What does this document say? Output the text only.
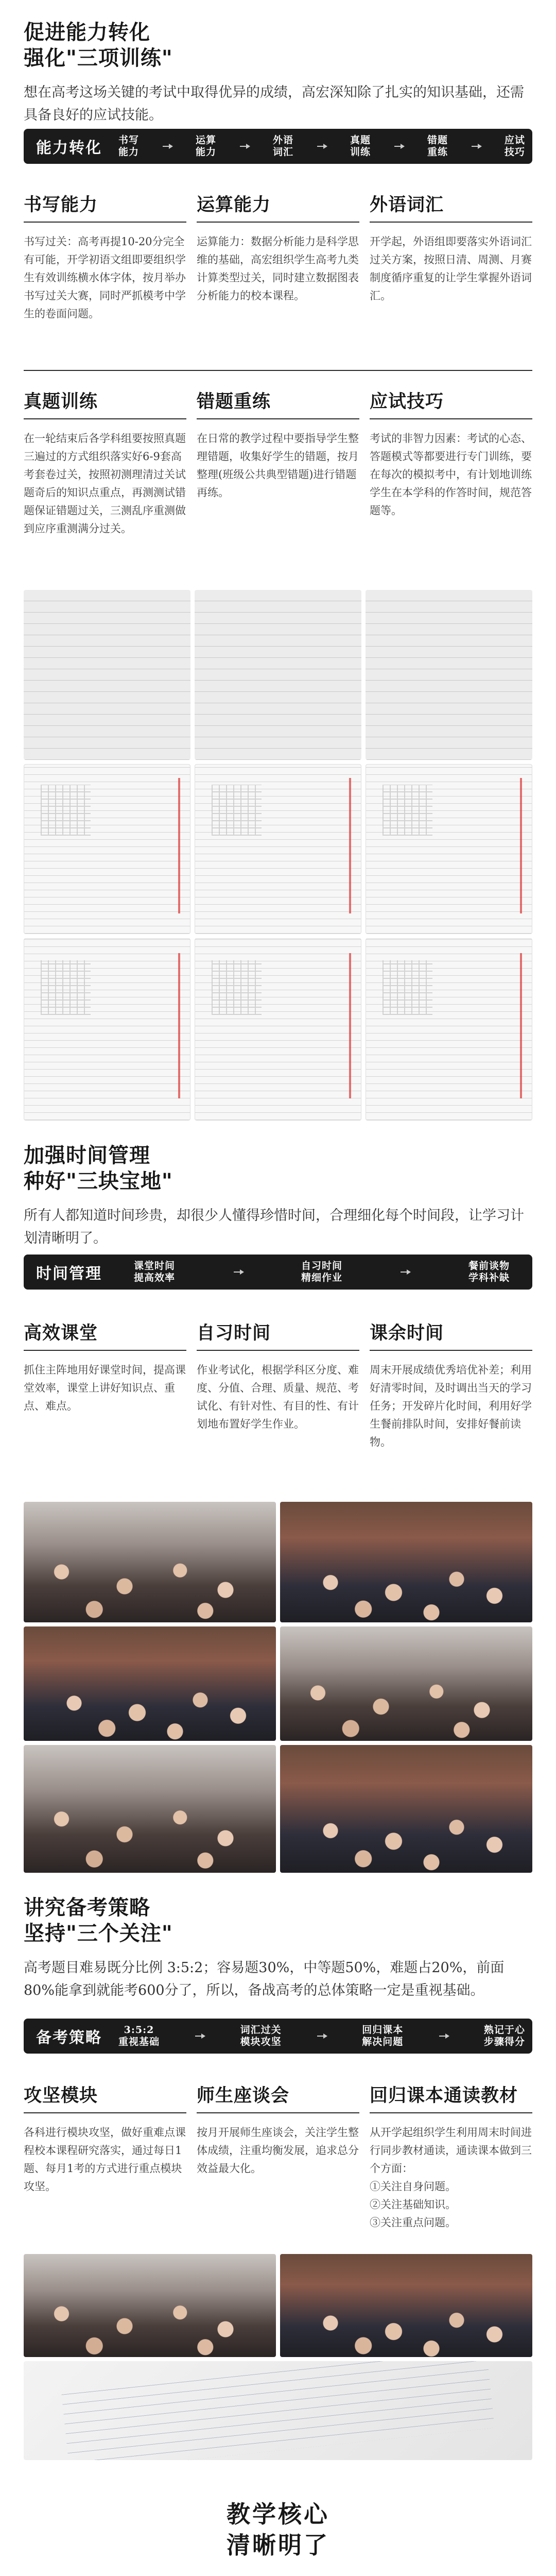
促进能力转化
强化"三项训练"
想在高考这场关键的考试中取得优异的成绩，高宏深知除了扎实的知识基础，还需具备良好的应试技能。
能力转化	书写
能力
运算
能力
外语
词汇
真题
训练
错题
重练
应试
技巧
书写能力
书写过关：高考再提10-20分完全有可能，开学初语文组即要组织学生有效训练横水体字体，按月举办书写过关大赛，同时严抓模考中学生的卷面问题。
运算能力
运算能力：数据分析能力是科学思维的基础，高宏组织学生高考九类计算类型过关，同时建立数据图表分析能力的校本课程。
外语词汇
开学起，外语组即要落实外语词汇过关方案，按照日清、周测、月赛制度循序重复的让学生掌握外语词汇。
真题训练
在一轮结束后各学科组要按照真题三遍过的方式组织落实好6-9套高考套卷过关，按照初测理清过关试题奇后的知识点重点，再测测试错题保证错题过关，三测乱序重测做到应序重测满分过关。
错题重练
在日常的教学过程中要指导学生整理错题，收集好学生的错题，按月整理(班级公共典型错题)进行错题再练。
应试技巧
考试的非智力因素：考试的心态、答题模式等都要进行专门训练，要在每次的模拟考中，有计划地训练学生在本学科的作答时间，规范答题等。
加强时间管理
种好"三块宝地"
所有人都知道时间珍贵，却很少人懂得珍惜时间，合理细化每个时间段，让学习计划清晰明了。
时间管理	课堂时间
提高效率
自习时间
精细作业
餐前谈物
学科补缺
高效课堂
抓住主阵地用好课堂时间，提高课堂效率，课堂上讲好知识点、重点、难点。
自习时间
作业考试化，根据学科区分度、难度、分值、合理、质量、规范、考试化、有针对性、有目的性、有计划地布置好学生作业。
课余时间
周末开展成绩优秀培优补差；利用好清零时间，及时调出当天的学习任务；开发碎片化时间，利用好学生餐前排队时间，安排好餐前读物。
讲究备考策略
坚持"三个关注"
高考题目难易既分比例 3:5:2；容易题30%，中等题50%，难题占20%，前面80%能拿到就能考600分了，所以，备战高考的总体策略一定是重视基础。
备考策略	3:5:2
重视基础
词汇过关
模块攻坚
回归课本
解决问题
熟记于心
步骤得分
攻坚模块
各科进行模块攻坚，做好重难点课程校本课程研究落实，通过每日1题、每月1考的方式进行重点模块攻坚。
师生座谈会
按月开展师生座谈会，关注学生整体成绩，注重均衡发展，追求总分效益最大化。
回归课本通读教材
从开学起组织学生利用周末时间进行同步教材通读，通读课本做到三个方面：
①关注自身问题。
②关注基础知识。
③关注重点问题。
教学核心
清晰明了
